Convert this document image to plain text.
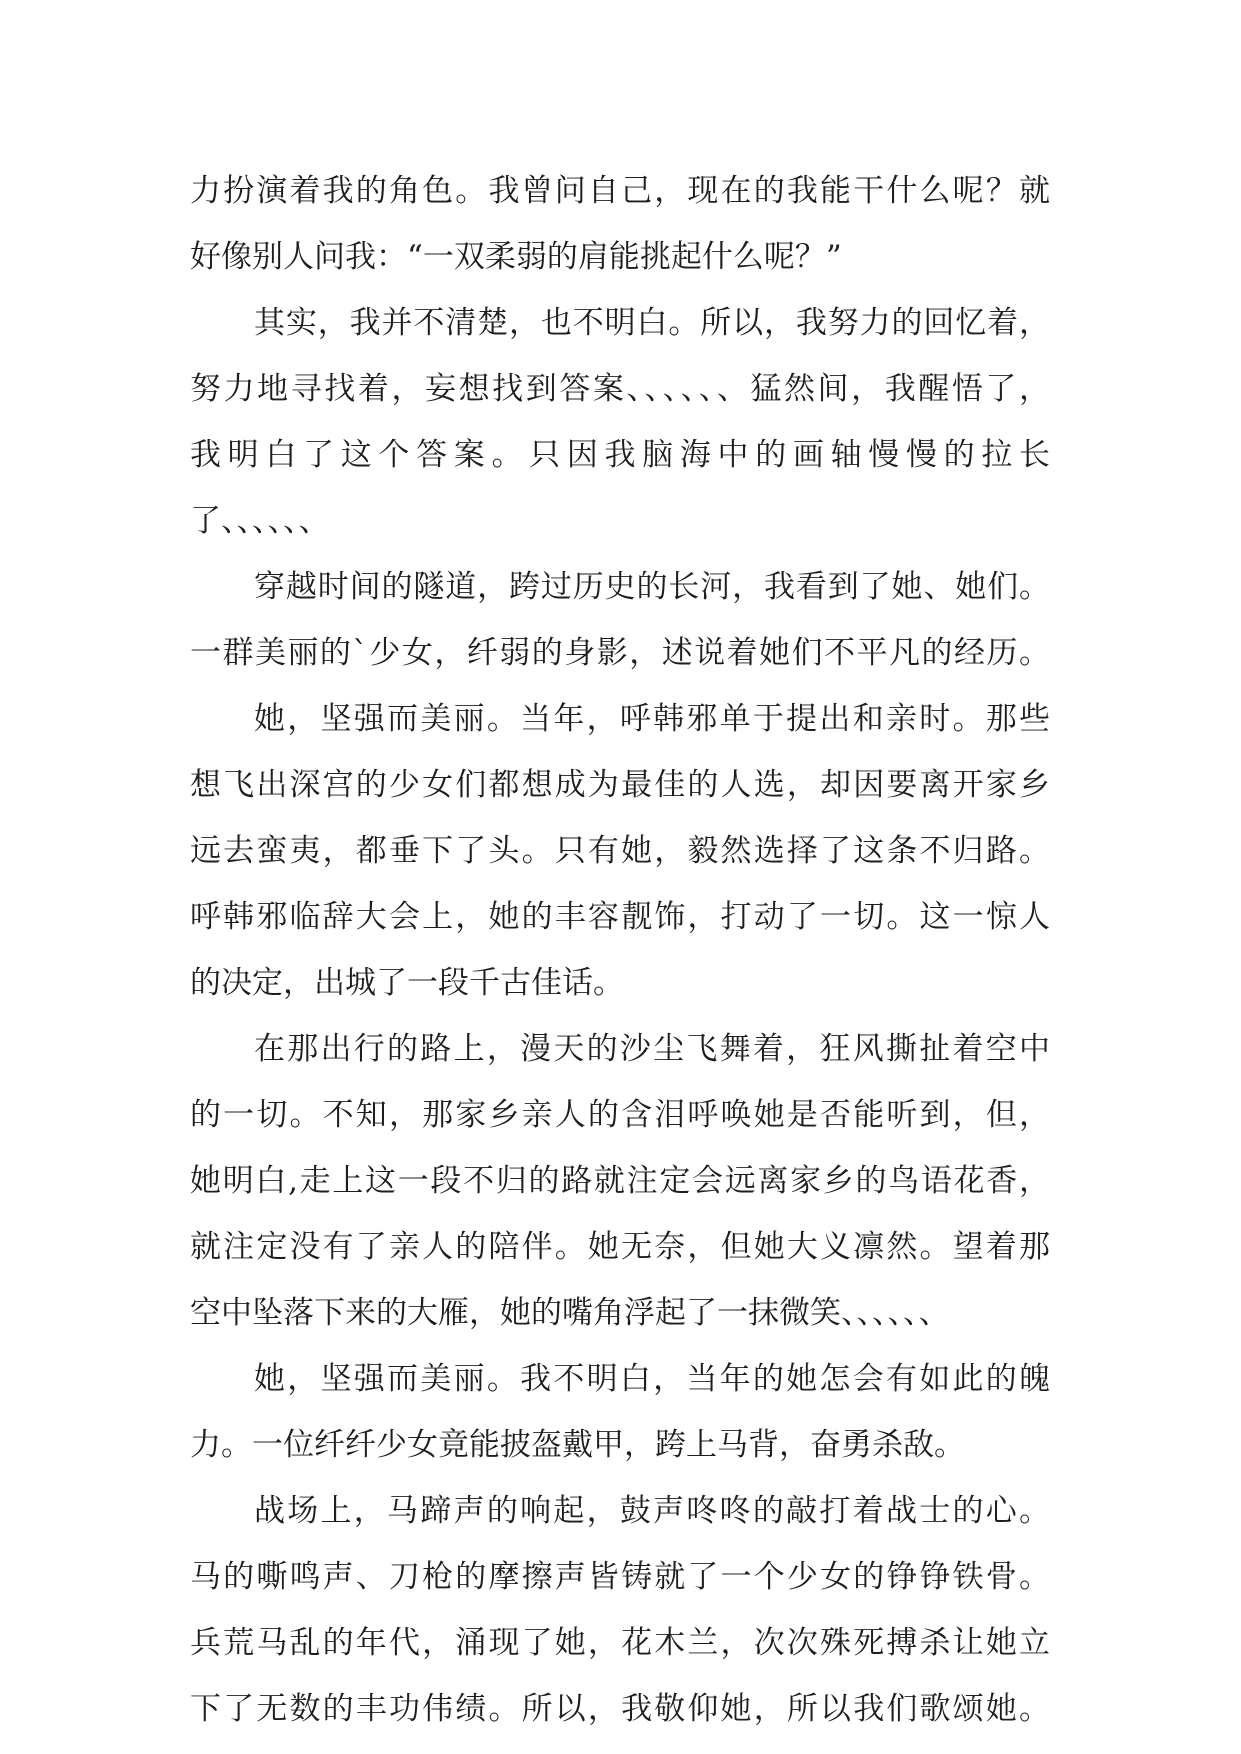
力扮演着我的角色。我曾问自己，现在的我能干什么呢？就
好像别人问我：“一双柔弱的肩能挑起什么呢？”
其实，我并不清楚，也不明白。所以，我努力的回忆着，
努力地寻找着，妄想找到答案、、、、、、猛然间，我醒悟了，
我明白了这个答案。只因我脑海中的画轴慢慢的拉长
了、、、、、、
穿越时间的隧道，跨过历史的长河，我看到了她、她们。
一群美丽的`少女，纤弱的身影，述说着她们不平凡的经历。
她，坚强而美丽。当年，呼韩邪单于提出和亲时。那些
想飞出深宫的少女们都想成为最佳的人选，却因要离开家乡
远去蛮夷，都垂下了头。只有她，毅然选择了这条不归路。
呼韩邪临辞大会上，她的丰容靓饰，打动了一切。这一惊人
的决定，出城了一段千古佳话。
在那出行的路上，漫天的沙尘飞舞着，狂风撕扯着空中
的一切。不知，那家乡亲人的含泪呼唤她是否能听到，但，
她明白,走上这一段不归的路就注定会远离家乡的鸟语花香，
就注定没有了亲人的陪伴。她无奈，但她大义凛然。望着那
空中坠落下来的大雁，她的嘴角浮起了一抹微笑、、、、、、
她，坚强而美丽。我不明白，当年的她怎会有如此的魄
力。一位纤纤少女竟能披盔戴甲，跨上马背，奋勇杀敌。
战场上，马蹄声的响起，鼓声咚咚的敲打着战士的心。
马的嘶鸣声、刀枪的摩擦声皆铸就了一个少女的铮铮铁骨。
兵荒马乱的年代，涌现了她，花木兰，次次殊死搏杀让她立
下了无数的丰功伟绩。所以，我敬仰她，所以我们歌颂她。
